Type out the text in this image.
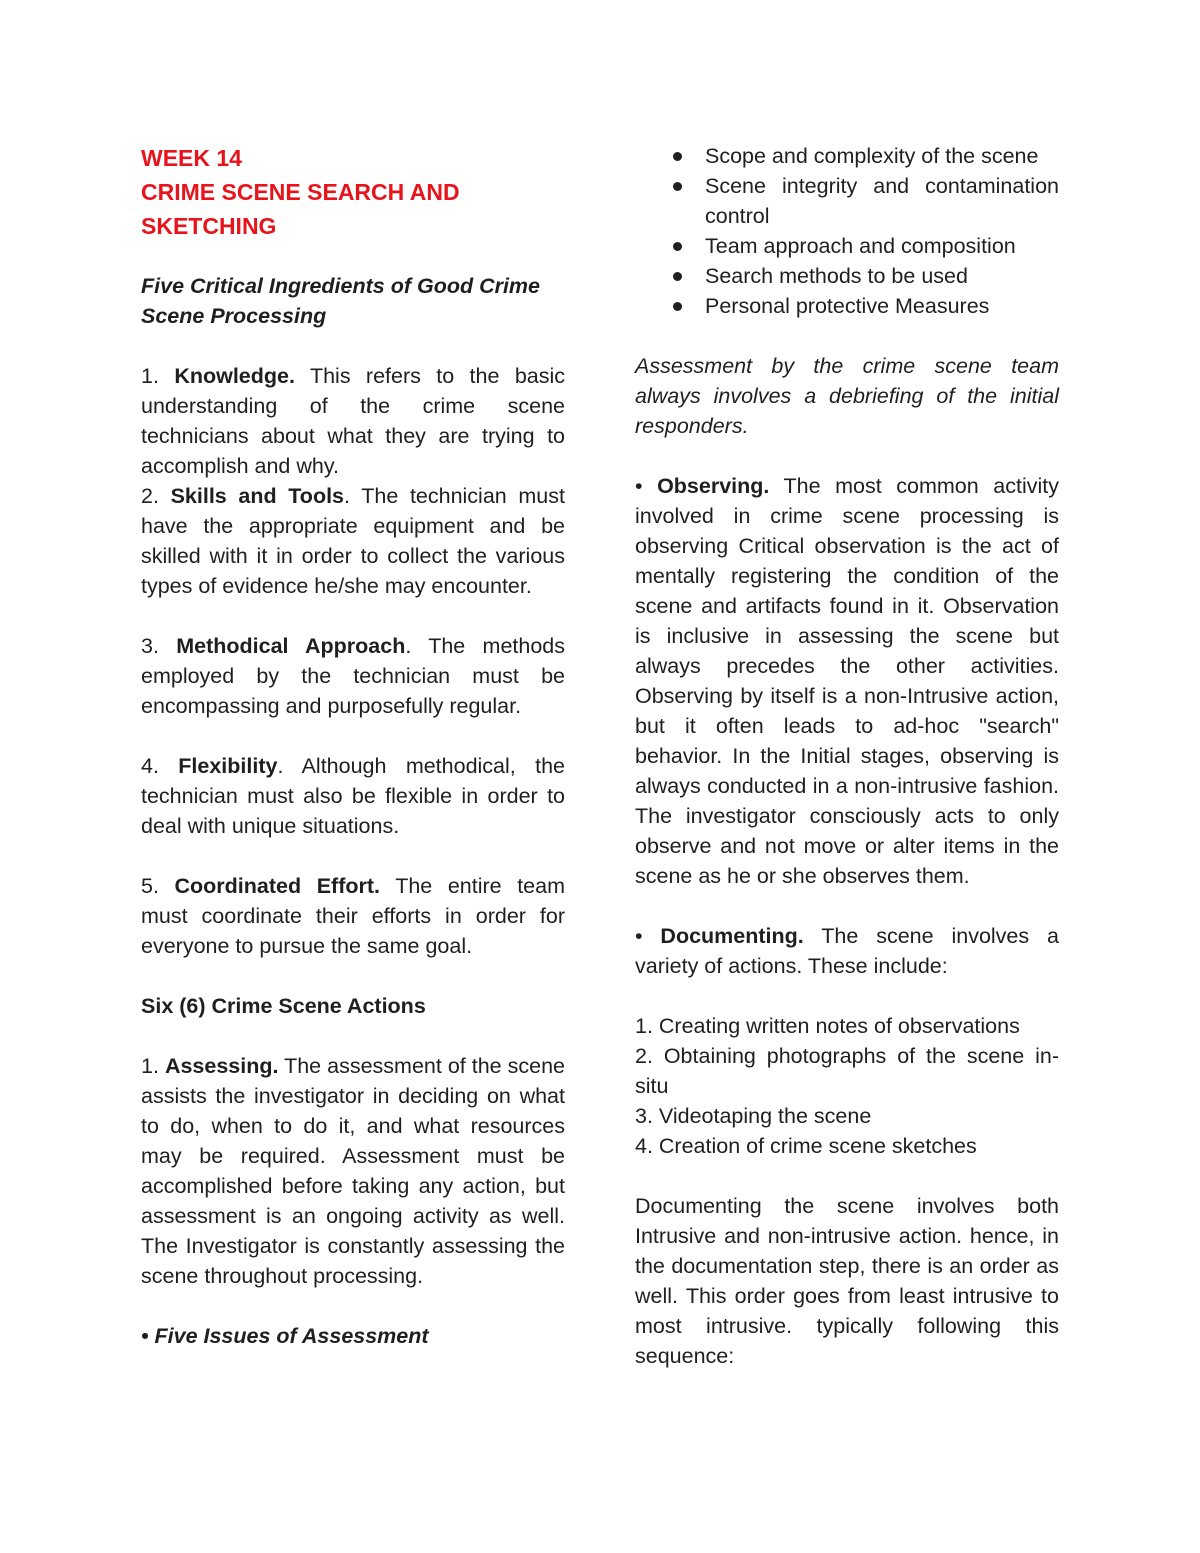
WEEK 14
CRIME SCENE SEARCH AND
SKETCHING

Five Critical Ingredients of Good Crime Scene Processing

1. Knowledge. This refers to the basic understanding of the crime scene technicians about what they are trying to accomplish and why.

2. Skills and Tools. The technician must have the appropriate equipment and be skilled with it in order to collect the various types of evidence he/she may encounter.

3. Methodical Approach. The methods employed by the technician must be encompassing and purposefully regular.

4. Flexibility. Although methodical, the technician must also be flexible in order to deal with unique situations.

5. Coordinated Effort. The entire team must coordinate their efforts in order for everyone to pursue the same goal.

Six (6) Crime Scene Actions

1. Assessing. The assessment of the scene assists the investigator in deciding on what to do, when to do it, and what resources may be required. Assessment must be accomplished before taking any action, but assessment is an ongoing activity as well. The Investigator is constantly assessing the scene throughout processing.

• Five Issues of Assessment

Scope and complexity of the scene
Scene integrity and contamination control
Team approach and composition
Search methods to be used
Personal protective Measures

Assessment by the crime scene team always involves a debriefing of the initial responders.

• Observing. The most common activity involved in crime scene processing is observing Critical observation is the act of mentally registering the condition of the scene and artifacts found in it. Observation is inclusive in assessing the scene but always precedes the other activities. Observing by itself is a non-Intrusive action, but it often leads to ad-hoc "search" behavior. In the Initial stages, observing is always conducted in a non-intrusive fashion. The investigator consciously acts to only observe and not move or alter items in the scene as he or she observes them.

• Documenting. The scene involves a variety of actions. These include:

1. Creating written notes of observations

2. Obtaining photographs of the scene in-situ

3. Videotaping the scene

4. Creation of crime scene sketches

Documenting the scene involves both Intrusive and non-intrusive action. hence, in the documentation step, there is an order as well. This order goes from least intrusive to most intrusive. typically following this sequence:
